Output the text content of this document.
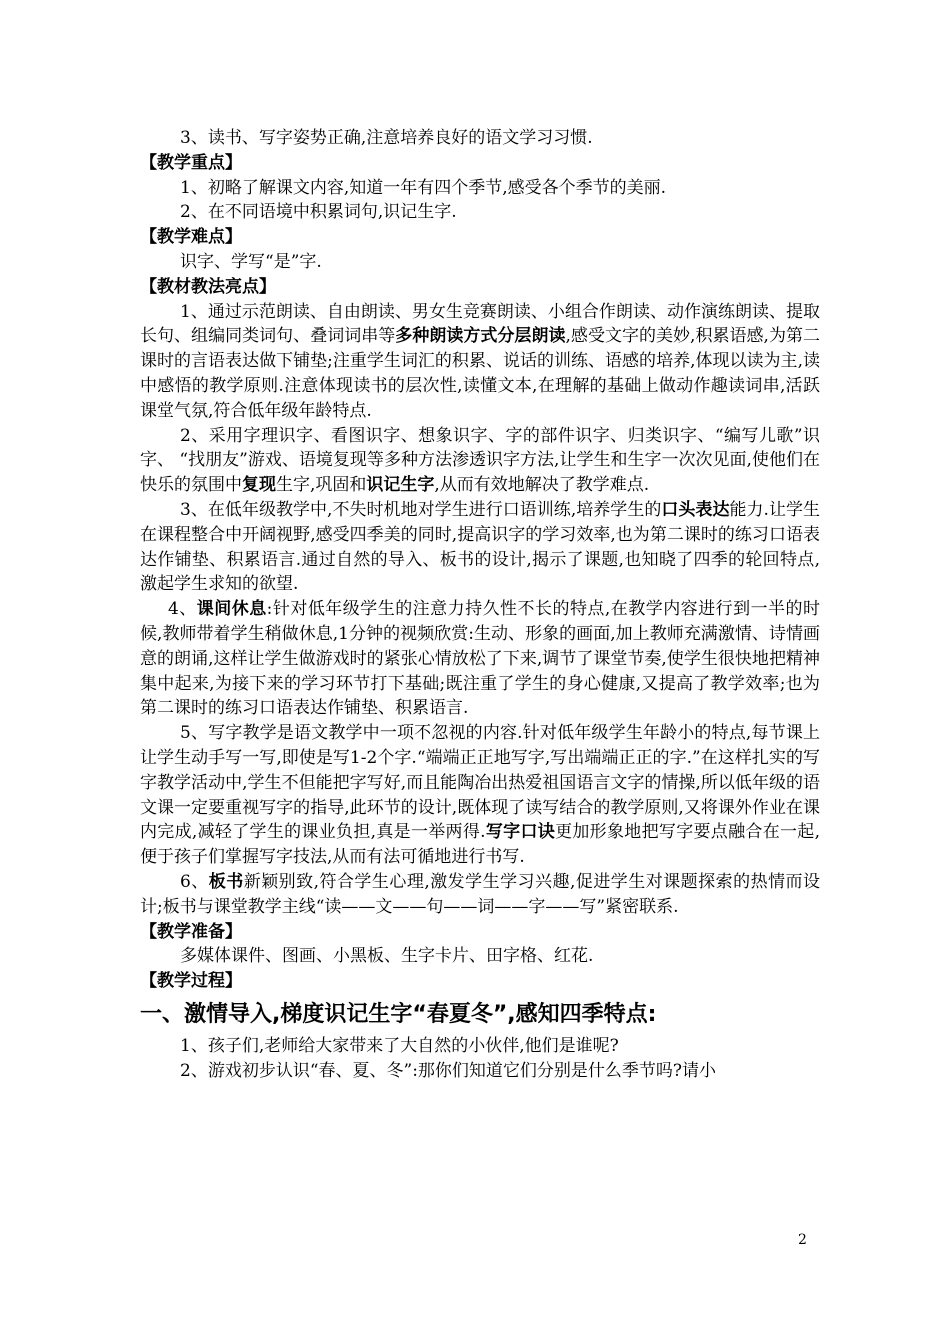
3、读书、写字姿势正确,注意培养良好的语文学习习惯.

【教学重点】

1、初略了解课文内容,知道一年有四个季节,感受各个季节的美丽.

2、在不同语境中积累词句,识记生字.

【教学难点】

识字、学写“是”字.

【教材教法亮点】

1、通过示范朗读、自由朗读、男女生竞赛朗读、小组合作朗读、动作演练朗读、提取长句、组编同类词句、叠词词串等多种朗读方式分层朗读,感受文字的美妙,积累语感,为第二课时的言语表达做下铺垫;注重学生词汇的积累、说话的训练、语感的培养,体现以读为主,读中感悟的教学原则.注意体现读书的层次性,读懂文本,在理解的基础上做动作趣读词串,活跃课堂气氛,符合低年级年龄特点.

2、采用字理识字、看图识字、想象识字、字的部件识字、归类识字、“编写儿歌”识字、 “找朋友”游戏、语境复现等多种方法渗透识字方法,让学生和生字一次次见面,使他们在快乐的氛围中复现生字,巩固和识记生字,从而有效地解决了教学难点.

3、在低年级教学中,不失时机地对学生进行口语训练,培养学生的口头表达能力.让学生在课程整合中开阔视野,感受四季美的同时,提高识字的学习效率,也为第二课时的练习口语表达作铺垫、积累语言.通过自然的导入、板书的设计,揭示了课题,也知晓了四季的轮回特点,激起学生求知的欲望.

4、课间休息:针对低年级学生的注意力持久性不长的特点,在教学内容进行到一半的时候,教师带着学生稍做休息,1分钟的视频欣赏:生动、形象的画面,加上教师充满激情、诗情画意的朗诵,这样让学生做游戏时的紧张心情放松了下来,调节了课堂节奏,使学生很快地把精神集中起来,为接下来的学习环节打下基础;既注重了学生的身心健康,又提高了教学效率;也为第二课时的练习口语表达作铺垫、积累语言.

5、写字教学是语文教学中一项不忽视的内容.针对低年级学生年龄小的特点,每节课上让学生动手写一写,即使是写1-2个字.“端端正正地写字,写出端端正正的字.”在这样扎实的写字教学活动中,学生不但能把字写好,而且能陶冶出热爱祖国语言文字的情操,所以低年级的语文课一定要重视写字的指导,此环节的设计,既体现了读写结合的教学原则,又将课外作业在课内完成,减轻了学生的课业负担,真是一举两得.写字口诀更加形象地把写字要点融合在一起,便于孩子们掌握写字技法,从而有法可循地进行书写.

6、板书新颖别致,符合学生心理,激发学生学习兴趣,促进学生对课题探索的热情而设计;板书与课堂教学主线“读——文——句——词——字——写”紧密联系.

【教学准备】

多媒体课件、图画、小黑板、生字卡片、田字格、红花.

【教学过程】

一、激情导入,梯度识记生字“春夏冬”,感知四季特点:

1、孩子们,老师给大家带来了大自然的小伙伴,他们是谁呢?

2、游戏初步认识“春、夏、冬”:那你们知道它们分别是什么季节吗?请小

2
